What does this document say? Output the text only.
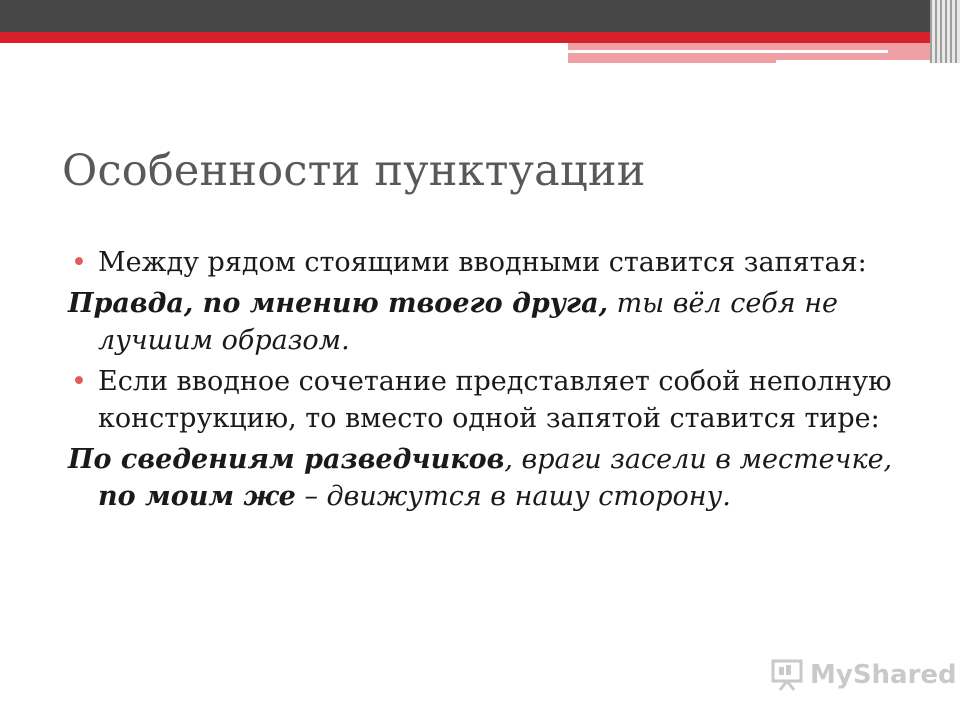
Особенности пунктуации

• Между рядом стоящими вводными ставится запятая:

Правда, по мнению твоего друга, ты вёл себя не лучшим образом.

• Если вводное сочетание представляет собой неполную конструкцию, то вместо одной запятой ставится тире:

По сведениям разведчиков, враги засели в местечке, по моим же – движутся в нашу сторону.

MyShared
